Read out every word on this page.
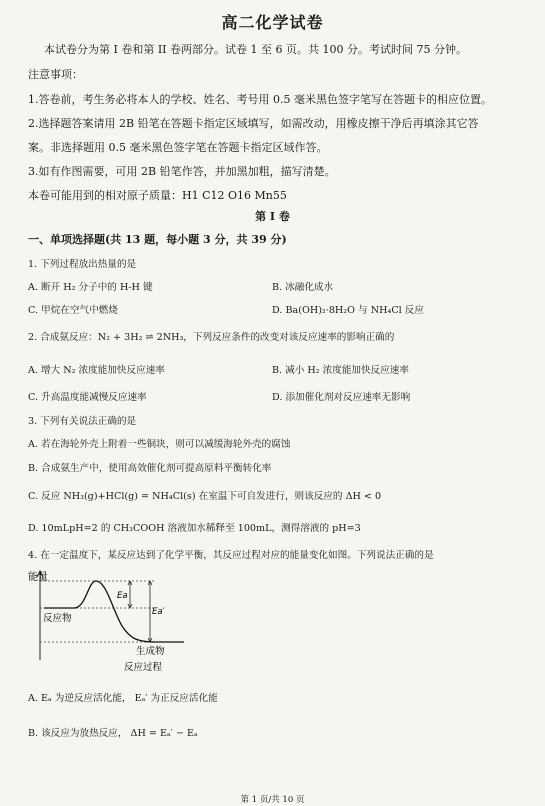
高二化学试卷
本试卷分为第 I 卷和第 II 卷两部分。试卷 1 至 6 页。共 100 分。考试时间 75 分钟。
注意事项：
1.答卷前，考生务必将本人的学校、姓名、考号用 0.5 毫米黑色签字笔写在答题卡的相应位置。
2.选择题答案请用 2B 铅笔在答题卡指定区域填写，如需改动，用橡皮擦干净后再填涂其它答
案。非选择题用 0.5 毫米黑色签字笔在答题卡指定区域作答。
3.如有作图需要，可用 2B 铅笔作答，并加黑加粗，描写清楚。
本卷可能用到的相对原子质量：H1 C12 O16 Mn55
第 I 卷
一、单项选择题(共 13 题，每小题 3 分，共 39 分)
1. 下列过程放出热量的是
A. 断开 H₂ 分子中的 H-H 键	B. 冰融化成水
C. 甲烷在空气中燃烧	D. Ba(OH)₂·8H₂O 与 NH₄Cl 反应
2. 合成氨反应：N₂ + 3H₂ ⇌ 2NH₃，下列反应条件的改变对该反应速率的影响正确的
A. 增大 N₂ 浓度能加快反应速率	B. 减小 H₂ 浓度能加快反应速率
C. 升高温度能减慢反应速率	D. 添加催化剂对反应速率无影响
3. 下列有关说法正确的是
A. 若在海轮外壳上附着一些铜块，则可以减缓海轮外壳的腐蚀
B. 合成氨生产中，使用高效催化剂可提高原料平衡转化率
C. 反应 NH₃(g)+HCl(g) = NH₄Cl(s) 在室温下可自发进行，则该反应的 ΔH < 0
D. 10mLpH=2 的 CH₃COOH 溶液加水稀释至 100mL，测得溶液的 pH=3
4. 在一定温度下，某反应达到了化学平衡，其反应过程对应的能量变化如图。下列说法正确的是
能量
反应物
生成物
反应过程
Ea
Ea′
A. Eₐ 为逆反应活化能， Eₐ′ 为正反应活化能
B. 该反应为放热反应， ΔH = Eₐ′ − Eₐ
第 1 页/共 10 页
